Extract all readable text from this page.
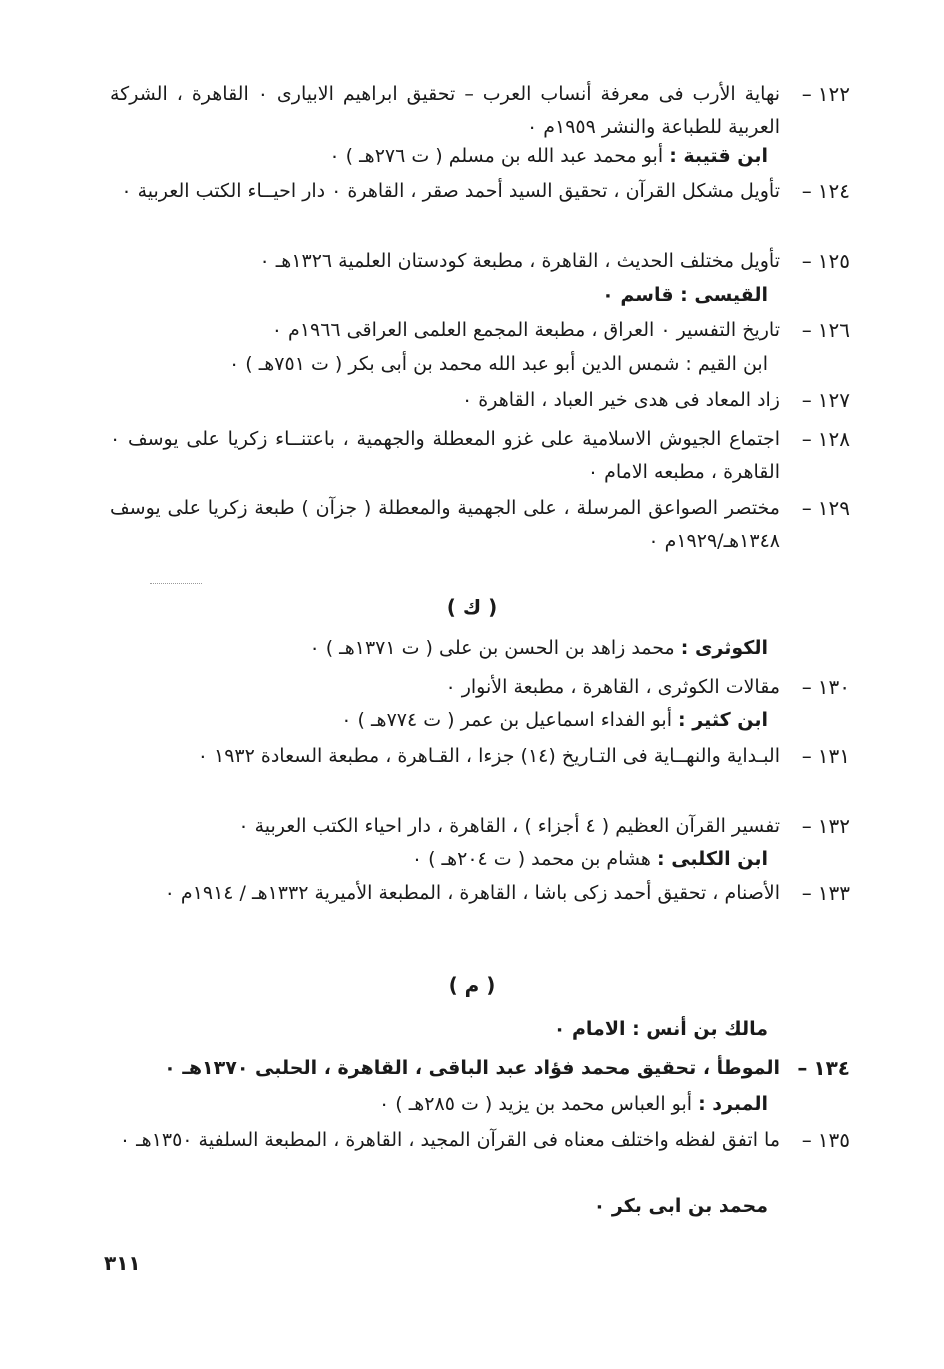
١٢٢–
نهاية الأرب فى معرفة أنساب العرب – تحقيق ابراهيم الابيارى ٠ القاهرة ، الشركة العربية للطباعة والنشر ١٩٥٩م ٠
ابن قتيبة : أبو محمد عبد الله بن مسلم ( ت ٢٧٦هـ ) ٠
١٢٤–
تأويل مشكل القرآن ، تحقيق السيد أحمد صقر ، القاهرة ٠ دار احيــاء الكتب العربية ٠
١٢٥–
تأويل مختلف الحديث ، القاهرة ، مطبعة كودستان العلمية ١٣٢٦هـ ٠
القيسى : قاسم ٠
١٢٦–
تاريخ التفسير ٠ العراق ، مطبعة المجمع العلمى العراقى ١٩٦٦م ٠
ابن القيم : شمس الدين أبو عبد الله محمد بن أبى بكر ( ت ٧٥١هـ ) ٠
١٢٧–
زاد المعاد فى هدى خير العباد ، القاهرة ٠
١٢٨–
اجتماع الجيوش الاسلامية على غزو المعطلة والجهمية ، باعتنــاء زكريا على يوسف ٠ القاهرة ، مطبعه الامام ٠
١٢٩–
مختصر الصواعق المرسلة ، على الجهمية والمعطلة ( جزآن ) طبعة زكريا على يوسف ١٣٤٨هـ/١٩٢٩م ٠
( ك )
الكوثرى : محمد زاهد بن الحسن بن على ( ت ١٣٧١هـ ) ٠
١٣٠–
مقالات الكوثرى ، القاهرة ، مطبعة الأنوار ٠
ابن كثير : أبو الفداء اسماعيل بن عمر ( ت ٧٧٤هـ ) ٠
١٣١–
البـداية والنهــاية فى التـاريخ (١٤) جزءا ، القـاهرة ، مطبعة السعادة ١٩٣٢ ٠
١٣٢–
تفسير القرآن العظيم ( ٤ أجزاء ) ، القاهرة ، دار احياء الكتب العربية ٠
ابن الكلبى : هشام بن محمد ( ت ٢٠٤هـ ) ٠
١٣٣–
الأصنام ، تحقيق أحمد زكى باشا ، القاهرة ، المطبعة الأميرية ١٣٣٢هـ / ١٩١٤م ٠
( م )
مالك بن أنس : الامام ٠
١٣٤–
الموطأ ، تحقيق محمد فؤاد عبد الباقى ، القاهرة ، الحلبى ١٣٧٠هـ ٠
المبرد : أبو العباس محمد بن يزيد ( ت ٢٨٥هـ ) ٠
١٣٥–
ما اتفق لفظه واختلف معناه فى القرآن المجيد ، القاهرة ، المطبعة السلفية ١٣٥٠هـ ٠
محمد بن ابى بكر ٠
٣١١
